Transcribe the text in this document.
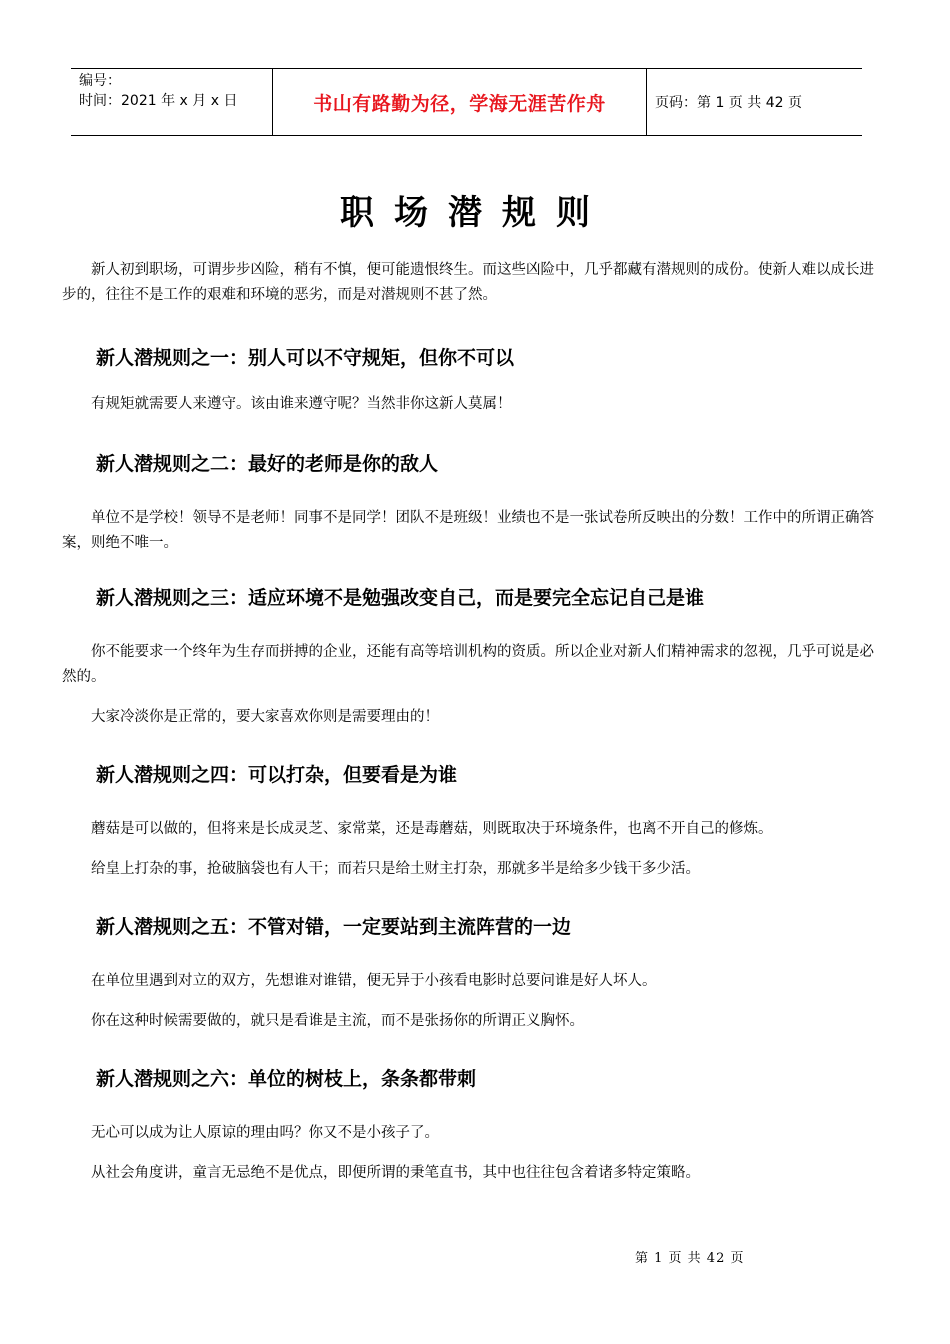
编号：
时间：2021 年 x 月 x 日	书山有路勤为径，学海无涯苦作舟	页码：第 1 页 共 42 页
职场潜规则

新人初到职场，可谓步步凶险，稍有不慎，便可能遗恨终生。而这些凶险中，几乎都藏有潜规则的成份。使新人难以成长进步的，往往不是工作的艰难和环境的恶劣，而是对潜规则不甚了然。

新人潜规则之一：别人可以不守规矩，但你不可以

有规矩就需要人来遵守。该由谁来遵守呢？当然非你这新人莫属！

新人潜规则之二：最好的老师是你的敌人

单位不是学校！领导不是老师！同事不是同学！团队不是班级！业绩也不是一张试卷所反映出的分数！工作中的所谓正确答案，则绝不唯一。

新人潜规则之三：适应环境不是勉强改变自己，而是要完全忘记自己是谁

你不能要求一个终年为生存而拼搏的企业，还能有高等培训机构的资质。所以企业对新人们精神需求的忽视，几乎可说是必然的。

大家冷淡你是正常的，要大家喜欢你则是需要理由的！

新人潜规则之四：可以打杂，但要看是为谁

蘑菇是可以做的，但将来是长成灵芝、家常菜，还是毒蘑菇，则既取决于环境条件，也离不开自己的修炼。

给皇上打杂的事，抢破脑袋也有人干；而若只是给土财主打杂，那就多半是给多少钱干多少活。

新人潜规则之五：不管对错，一定要站到主流阵营的一边

在单位里遇到对立的双方，先想谁对谁错，便无异于小孩看电影时总要问谁是好人坏人。

你在这种时候需要做的，就只是看谁是主流，而不是张扬你的所谓正义胸怀。

新人潜规则之六：单位的树枝上，条条都带刺

无心可以成为让人原谅的理由吗？你又不是小孩子了。

从社会角度讲，童言无忌绝不是优点，即便所谓的秉笔直书，其中也往往包含着诸多特定策略。

第 1 页 共 42 页
